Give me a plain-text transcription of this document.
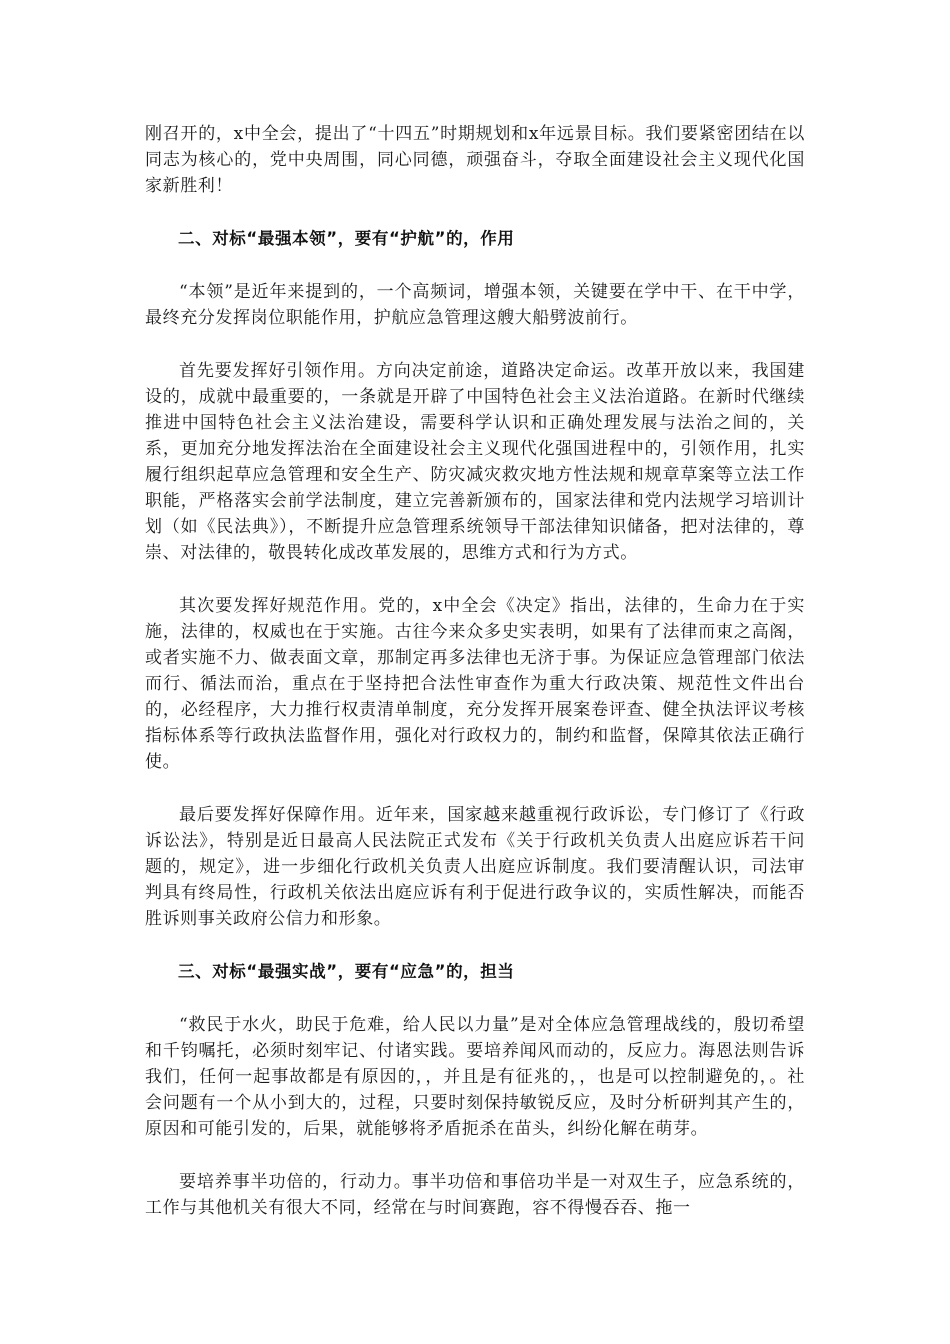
刚召开的，x中全会，提出了“十四五”时期规划和x年远景目标。我们要紧密团结在以同志为核心的，党中央周围，同心同德，顽强奋斗，夺取全面建设社会主义现代化国家新胜利！

二、对标“最强本领”，要有“护航”的，作用

“本领”是近年来提到的，一个高频词，增强本领，关键要在学中干、在干中学，最终充分发挥岗位职能作用，护航应急管理这艘大船劈波前行。

首先要发挥好引领作用。方向决定前途，道路决定命运。改革开放以来，我国建设的，成就中最重要的，一条就是开辟了中国特色社会主义法治道路。在新时代继续推进中国特色社会主义法治建设，需要科学认识和正确处理发展与法治之间的，关系，更加充分地发挥法治在全面建设社会主义现代化强国进程中的，引领作用，扎实履行组织起草应急管理和安全生产、防灾减灾救灾地方性法规和规章草案等立法工作职能，严格落实会前学法制度，建立完善新颁布的，国家法律和党内法规学习培训计划（如《民法典》），不断提升应急管理系统领导干部法律知识储备，把对法律的，尊崇、对法律的，敬畏转化成改革发展的，思维方式和行为方式。

其次要发挥好规范作用。党的，x中全会《决定》指出，法律的，生命力在于实施，法律的，权威也在于实施。古往今来众多史实表明，如果有了法律而束之高阁，或者实施不力、做表面文章，那制定再多法律也无济于事。为保证应急管理部门依法而行、循法而治，重点在于坚持把合法性审查作为重大行政决策、规范性文件出台的，必经程序，大力推行权责清单制度，充分发挥开展案卷评查、健全执法评议考核指标体系等行政执法监督作用，强化对行政权力的，制约和监督，保障其依法正确行使。

最后要发挥好保障作用。近年来，国家越来越重视行政诉讼，专门修订了《行政诉讼法》，特别是近日最高人民法院正式发布《关于行政机关负责人出庭应诉若干问题的，规定》，进一步细化行政机关负责人出庭应诉制度。我们要清醒认识，司法审判具有终局性，行政机关依法出庭应诉有利于促进行政争议的，实质性解决，而能否胜诉则事关政府公信力和形象。

三、对标“最强实战”，要有“应急”的，担当

“救民于水火，助民于危难，给人民以力量”是对全体应急管理战线的，殷切希望和千钧嘱托，必须时刻牢记、付诸实践。要培养闻风而动的，反应力。海恩法则告诉我们，任何一起事故都是有原因的，，并且是有征兆的，，也是可以控制避免的，。社会问题有一个从小到大的，过程，只要时刻保持敏锐反应，及时分析研判其产生的，原因和可能引发的，后果，就能够将矛盾扼杀在苗头，纠纷化解在萌芽。

要培养事半功倍的，行动力。事半功倍和事倍功半是一对双生子，应急系统的，工作与其他机关有很大不同，经常在与时间赛跑，容不得慢吞吞、拖一
